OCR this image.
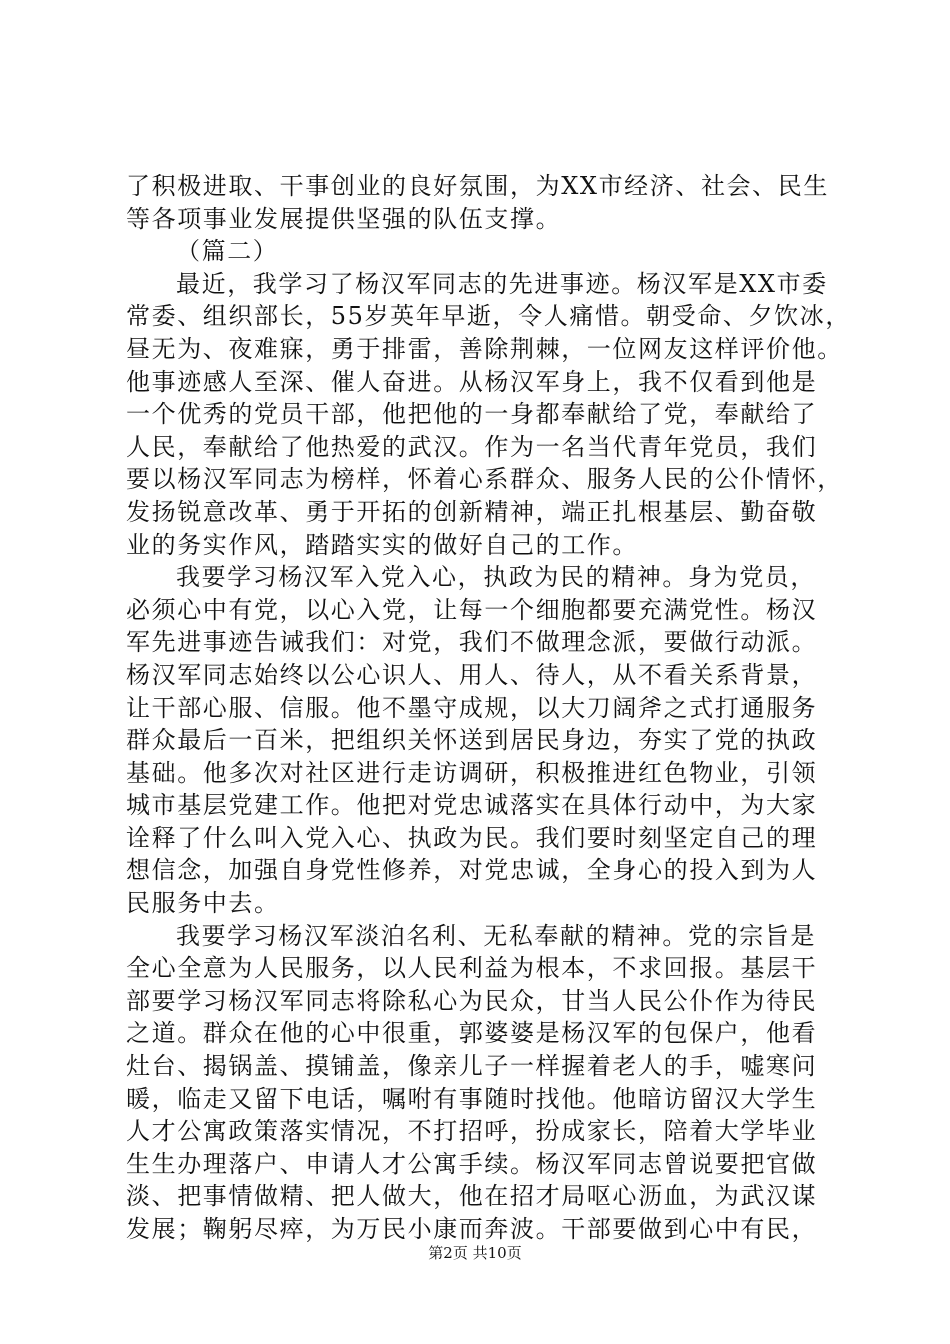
了积极进取、干事创业的良好氛围，为XX市经济、社会、民生
等各项事业发展提供坚强的队伍支撑。
（篇二）
最近，我学习了杨汉军同志的先进事迹。杨汉军是XX市委
常委、组织部长，55岁英年早逝，令人痛惜。朝受命、夕饮冰，
昼无为、夜难寐，勇于排雷，善除荆棘，一位网友这样评价他。
他事迹感人至深、催人奋进。从杨汉军身上，我不仅看到他是
一个优秀的党员干部，他把他的一身都奉献给了党，奉献给了
人民，奉献给了他热爱的武汉。作为一名当代青年党员，我们
要以杨汉军同志为榜样，怀着心系群众、服务人民的公仆情怀，
发扬锐意改革、勇于开拓的创新精神，端正扎根基层、勤奋敬
业的务实作风，踏踏实实的做好自己的工作。
我要学习杨汉军入党入心，执政为民的精神。身为党员，
必须心中有党，以心入党，让每一个细胞都要充满党性。杨汉
军先进事迹告诫我们：对党，我们不做理念派，要做行动派。
杨汉军同志始终以公心识人、用人、待人，从不看关系背景，
让干部心服、信服。他不墨守成规，以大刀阔斧之式打通服务
群众最后一百米，把组织关怀送到居民身边，夯实了党的执政
基础。他多次对社区进行走访调研，积极推进红色物业，引领
城市基层党建工作。他把对党忠诚落实在具体行动中，为大家
诠释了什么叫入党入心、执政为民。我们要时刻坚定自己的理
想信念，加强自身党性修养，对党忠诚，全身心的投入到为人
民服务中去。
我要学习杨汉军淡泊名利、无私奉献的精神。党的宗旨是
全心全意为人民服务，以人民利益为根本，不求回报。基层干
部要学习杨汉军同志将除私心为民众，甘当人民公仆作为待民
之道。群众在他的心中很重，郭婆婆是杨汉军的包保户，他看
灶台、揭锅盖、摸铺盖，像亲儿子一样握着老人的手，嘘寒问
暖，临走又留下电话，嘱咐有事随时找他。他暗访留汉大学生
人才公寓政策落实情况，不打招呼，扮成家长，陪着大学毕业
生生办理落户、申请人才公寓手续。杨汉军同志曾说要把官做
淡、把事情做精、把人做大，他在招才局呕心沥血，为武汉谋
发展；鞠躬尽瘁，为万民小康而奔波。干部要做到心中有民，
第2页 共10页
